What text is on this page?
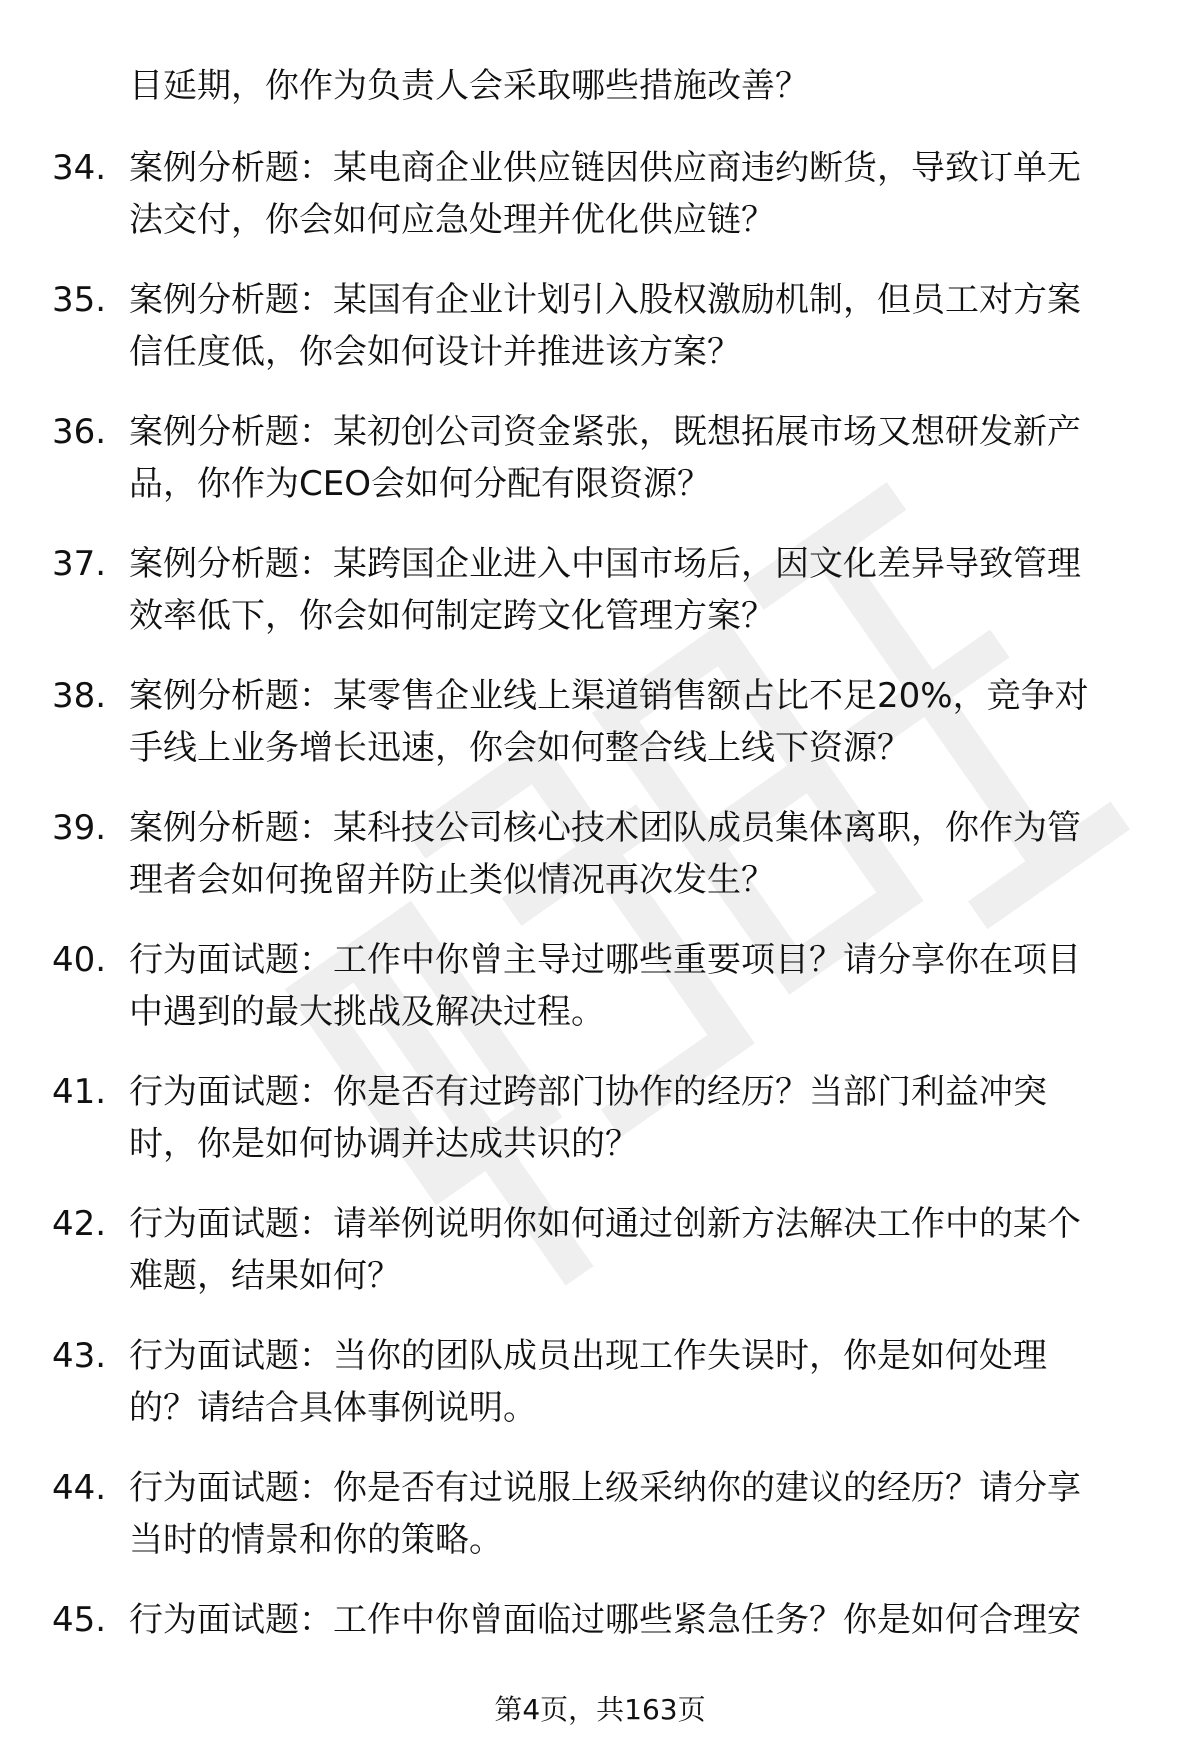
目延期，你作为负责人会采取哪些措施改善？
34. 案例分析题：某电商企业供应链因供应商违约断货，导致订单无
法交付，你会如何应急处理并优化供应链？
35. 案例分析题：某国有企业计划引入股权激励机制，但员工对方案
信任度低，你会如何设计并推进该方案？
36. 案例分析题：某初创公司资金紧张，既想拓展市场又想研发新产
品，你作为CEO会如何分配有限资源？
37. 案例分析题：某跨国企业进入中国市场后，因文化差异导致管理
效率低下，你会如何制定跨文化管理方案？
38. 案例分析题：某零售企业线上渠道销售额占比不足20%，竞争对
手线上业务增长迅速，你会如何整合线上线下资源？
39. 案例分析题：某科技公司核心技术团队成员集体离职，你作为管
理者会如何挽留并防止类似情况再次发生？
40. 行为面试题：工作中你曾主导过哪些重要项目？请分享你在项目
中遇到的最大挑战及解决过程。
41. 行为面试题：你是否有过跨部门协作的经历？当部门利益冲突
时，你是如何协调并达成共识的？
42. 行为面试题：请举例说明你如何通过创新方法解决工作中的某个
难题，结果如何？
43. 行为面试题：当你的团队成员出现工作失误时，你是如何处理
的？请结合具体事例说明。
44. 行为面试题：你是否有过说服上级采纳你的建议的经历？请分享
当时的情景和你的策略。
45. 行为面试题：工作中你曾面临过哪些紧急任务？你是如何合理安
第4页，共163页
